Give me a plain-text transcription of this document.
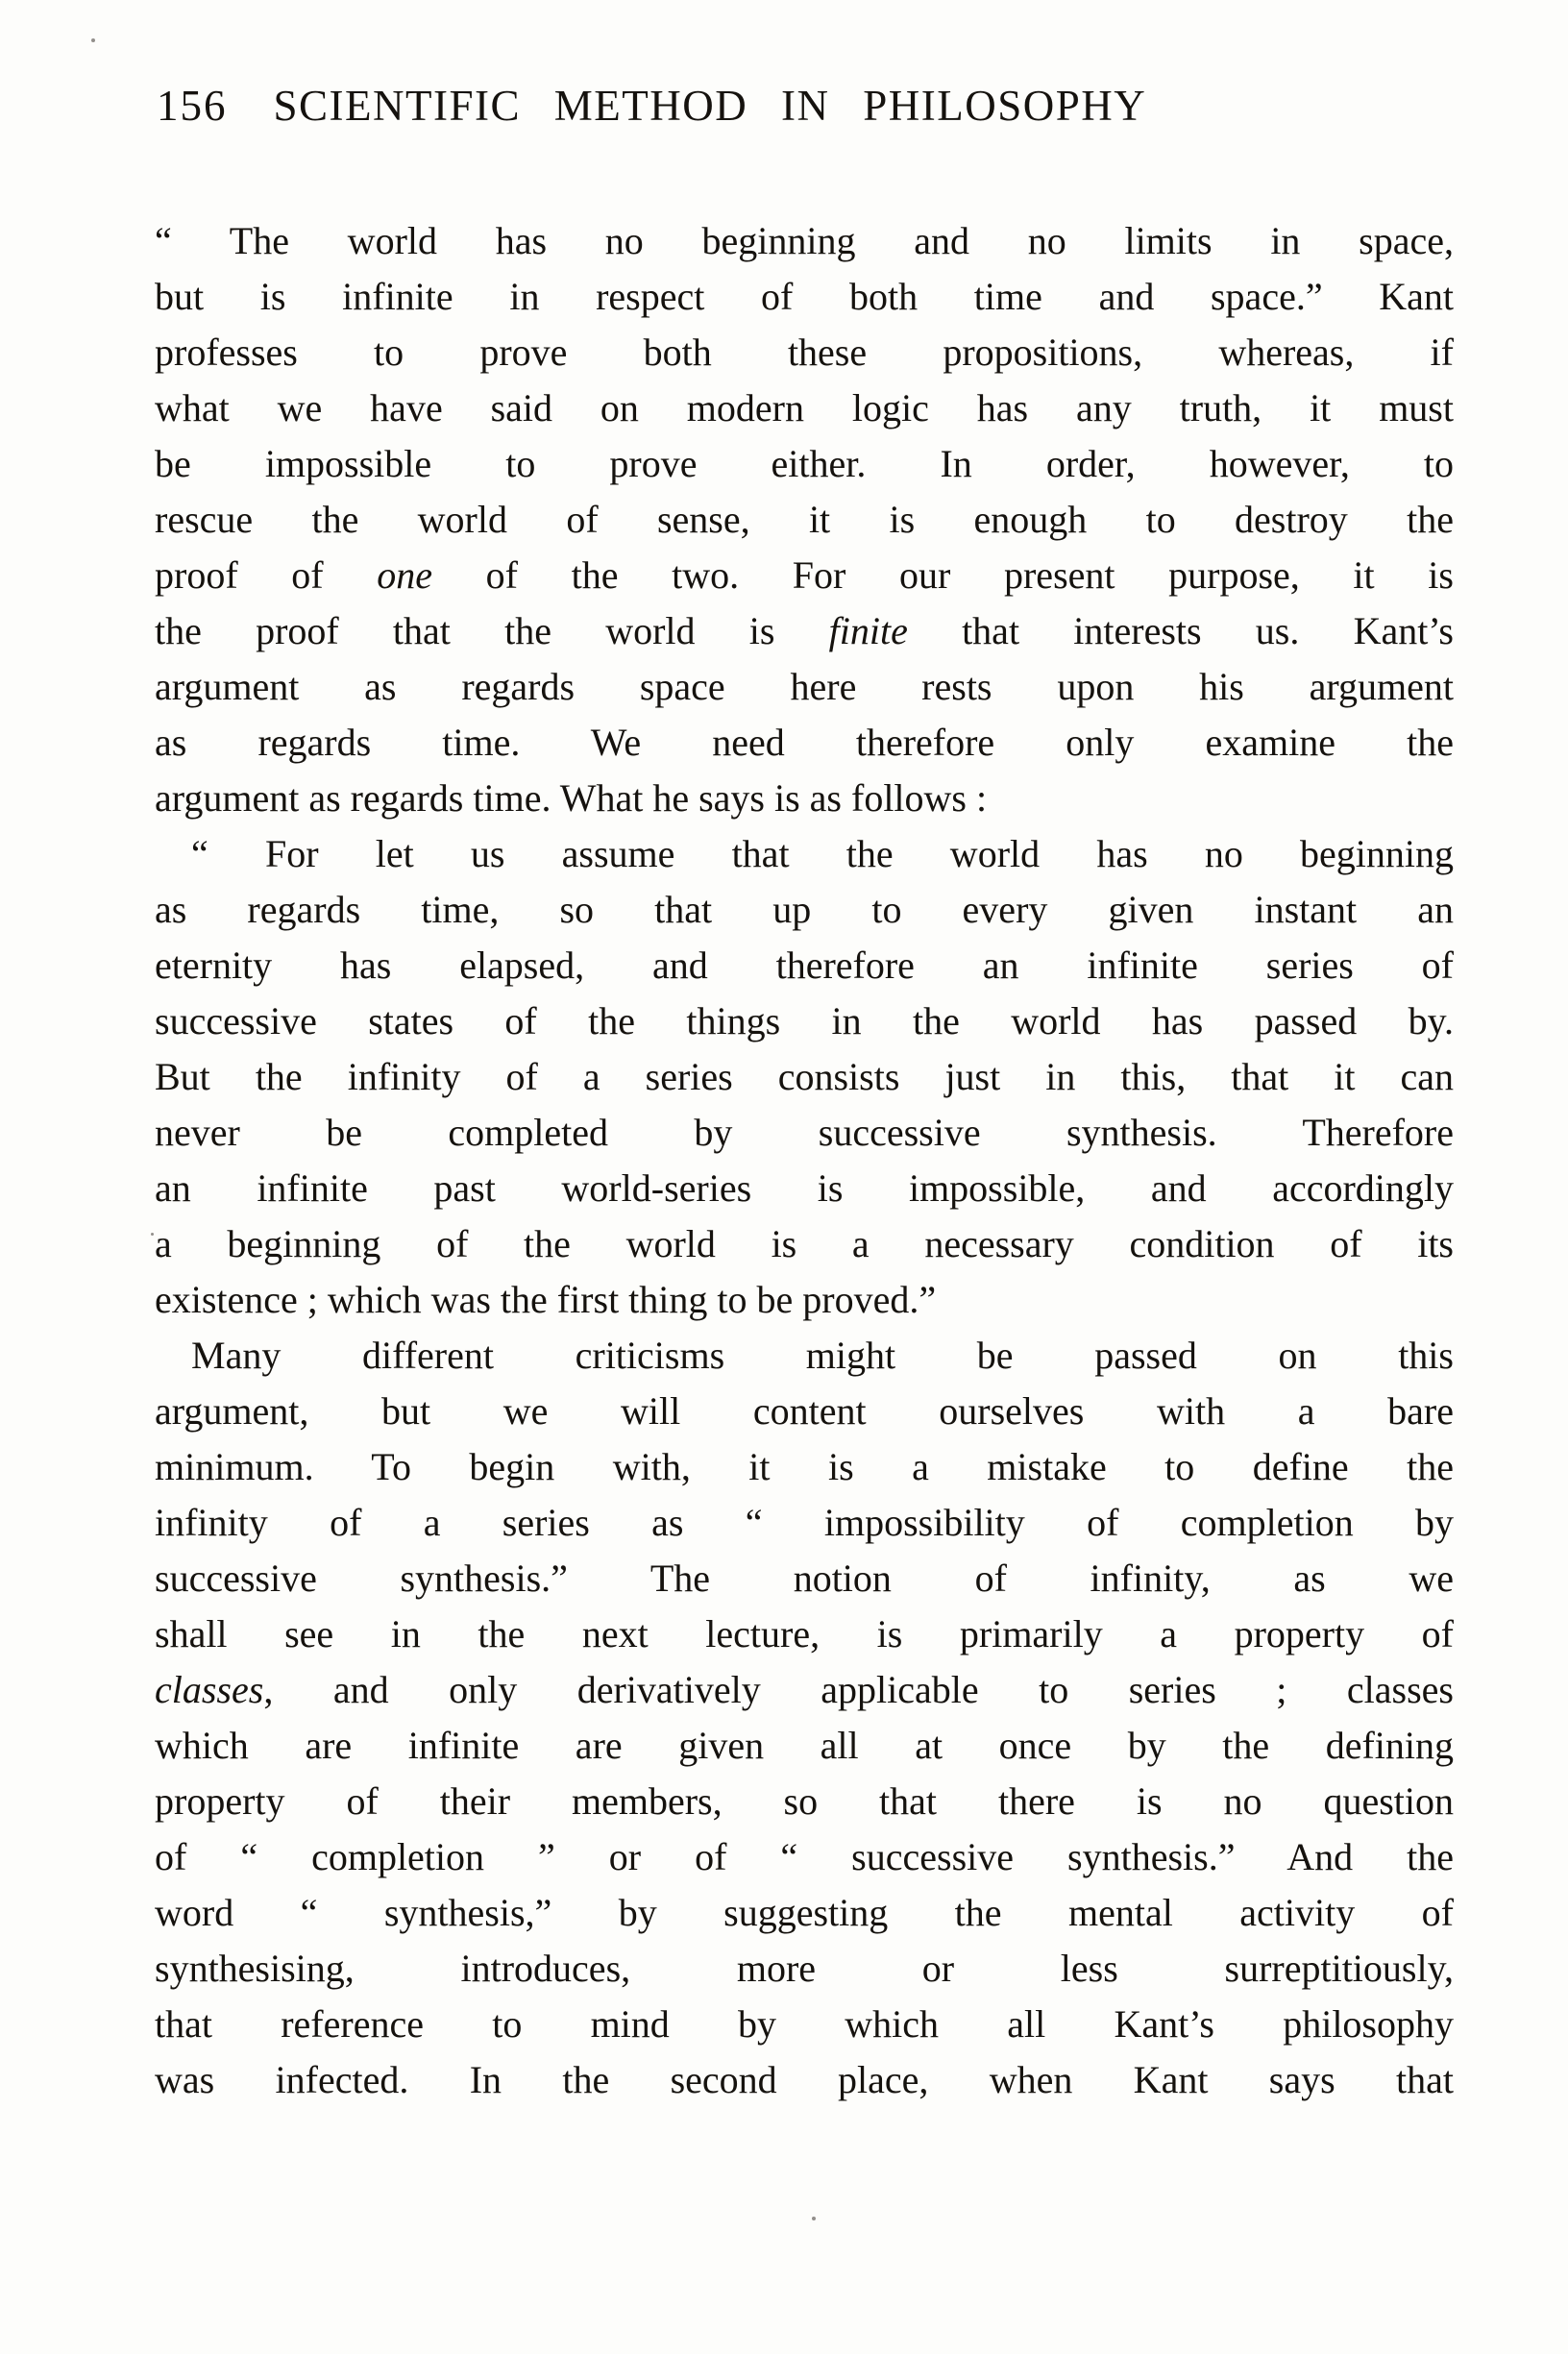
156 SCIENTIFIC METHOD IN PHILOSOPHY
“ The world has no beginning and no limits in space,
but is infinite in respect of both time and space.” Kant
professes to prove both these propositions, whereas, if
what we have said on modern logic has any truth, it must
be impossible to prove either. In order, however, to
rescue the world of sense, it is enough to destroy the
proof of one of the two. For our present purpose, it is
the proof that the world is finite that interests us. Kant’s
argument as regards space here rests upon his argument
as regards time. We need therefore only examine the
argument as regards time. What he says is as follows :
“ For let us assume that the world has no beginning
as regards time, so that up to every given instant an
eternity has elapsed, and therefore an infinite series of
successive states of the things in the world has passed by.
But the infinity of a series consists just in this, that it can
never be completed by successive synthesis. Therefore
an infinite past world-series is impossible, and accordingly
a beginning of the world is a necessary condition of its
existence ; which was the first thing to be proved.”
Many different criticisms might be passed on this
argument, but we will content ourselves with a bare
minimum. To begin with, it is a mistake to define the
infinity of a series as “ impossibility of completion by
successive synthesis.” The notion of infinity, as we
shall see in the next lecture, is primarily a property of
classes, and only derivatively applicable to series ; classes
which are infinite are given all at once by the defining
property of their members, so that there is no question
of “ completion ” or of “ successive synthesis.” And the
word “ synthesis,” by suggesting the mental activity of
synthesising, introduces, more or less surreptitiously,
that reference to mind by which all Kant’s philosophy
was infected. In the second place, when Kant says that
